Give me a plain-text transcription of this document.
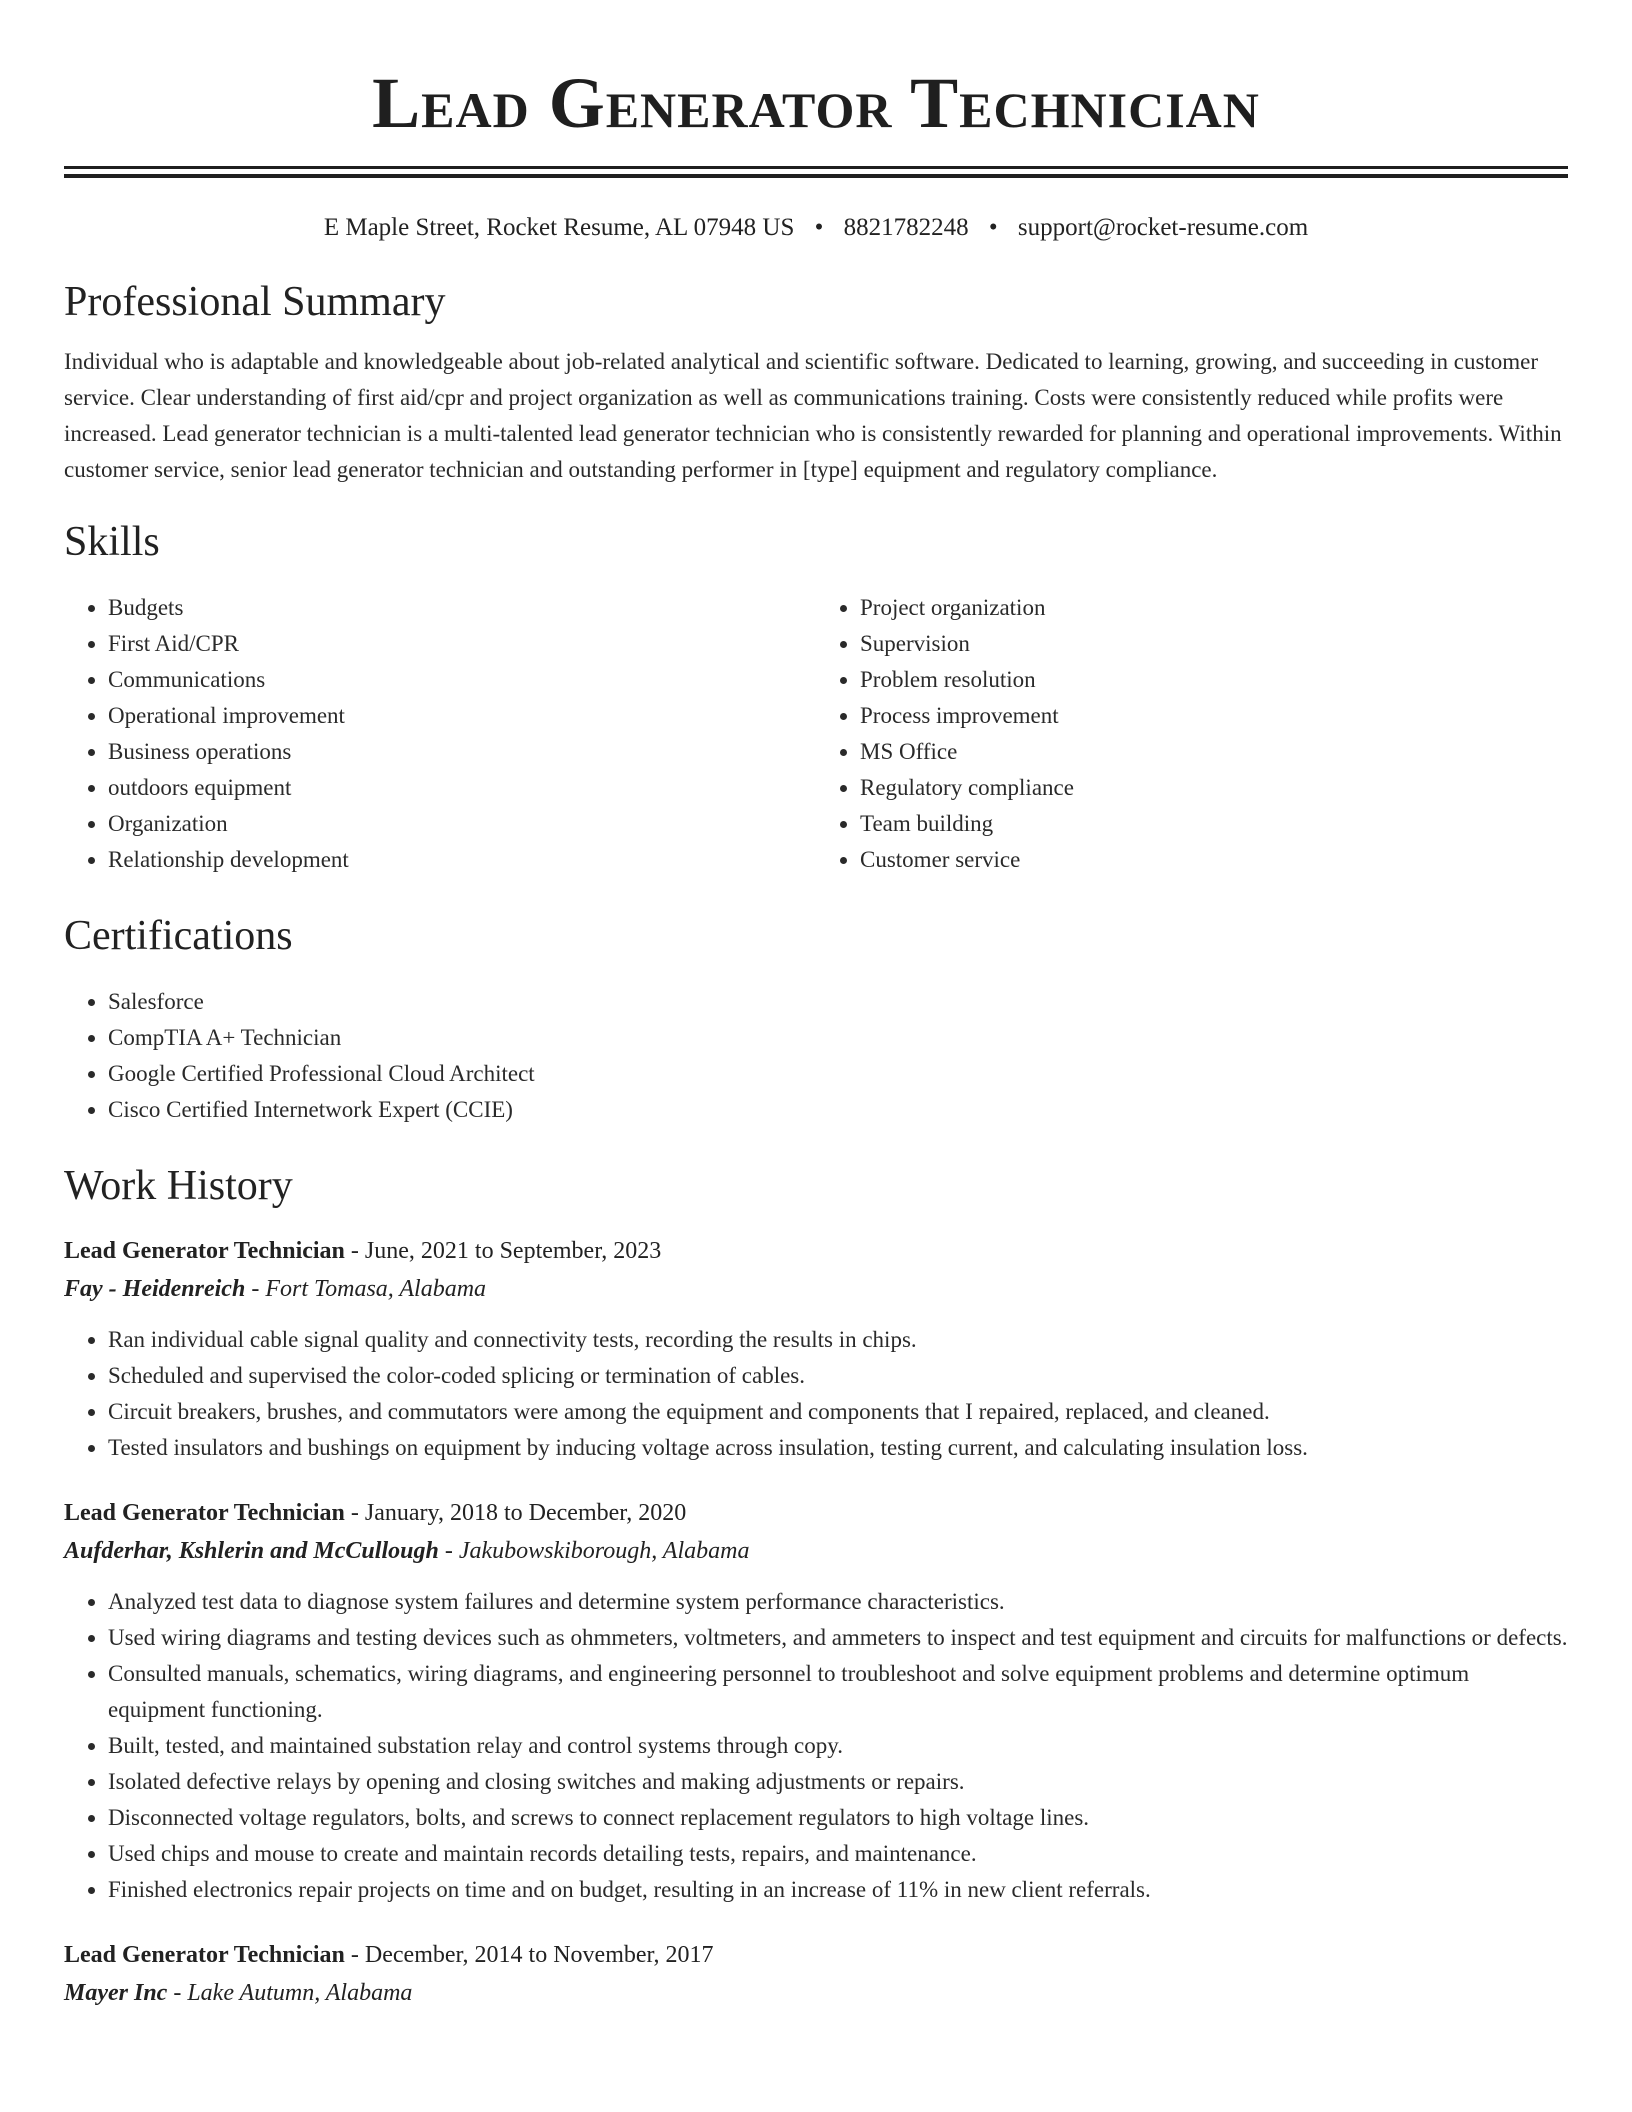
Lead Generator Technician
E Maple Street, Rocket Resume, AL 07948 US • 8821782248 • support@rocket-resume.com
Professional Summary

Individual who is adaptable and knowledgeable about job-related analytical and scientific software. Dedicated to learning, growing, and succeeding in customer service. Clear understanding of first aid/cpr and project organization as well as communications training. Costs were consistently reduced while profits were increased. Lead generator technician is a multi-talented lead generator technician who is consistently rewarded for planning and operational improvements. Within customer service, senior lead generator technician and outstanding performer in [type] equipment and regulatory compliance.

Skills
• Budgets
• First Aid/CPR
• Communications
• Operational improvement
• Business operations
• outdoors equipment
• Organization
• Relationship development
• Project organization
• Supervision
• Problem resolution
• Process improvement
• MS Office
• Regulatory compliance
• Team building
• Customer service
Certifications
• Salesforce
• CompTIA A+ Technician
• Google Certified Professional Cloud Architect
• Cisco Certified Internetwork Expert (CCIE)
Work History
Lead Generator Technician - June, 2021 to September, 2023
Fay - Heidenreich - Fort Tomasa, Alabama
• Ran individual cable signal quality and connectivity tests, recording the results in chips.
• Scheduled and supervised the color-coded splicing or termination of cables.
• Circuit breakers, brushes, and commutators were among the equipment and components that I repaired, replaced, and cleaned.
• Tested insulators and bushings on equipment by inducing voltage across insulation, testing current, and calculating insulation loss.
Lead Generator Technician - January, 2018 to December, 2020
Aufderhar, Kshlerin and McCullough - Jakubowskiborough, Alabama
• Analyzed test data to diagnose system failures and determine system performance characteristics.
• Used wiring diagrams and testing devices such as ohmmeters, voltmeters, and ammeters to inspect and test equipment and circuits for malfunctions or defects.
• Consulted manuals, schematics, wiring diagrams, and engineering personnel to troubleshoot and solve equipment problems and determine optimum equipment functioning.
• Built, tested, and maintained substation relay and control systems through copy.
• Isolated defective relays by opening and closing switches and making adjustments or repairs.
• Disconnected voltage regulators, bolts, and screws to connect replacement regulators to high voltage lines.
• Used chips and mouse to create and maintain records detailing tests, repairs, and maintenance.
• Finished electronics repair projects on time and on budget, resulting in an increase of 11% in new client referrals.
Lead Generator Technician - December, 2014 to November, 2017
Mayer Inc - Lake Autumn, Alabama
